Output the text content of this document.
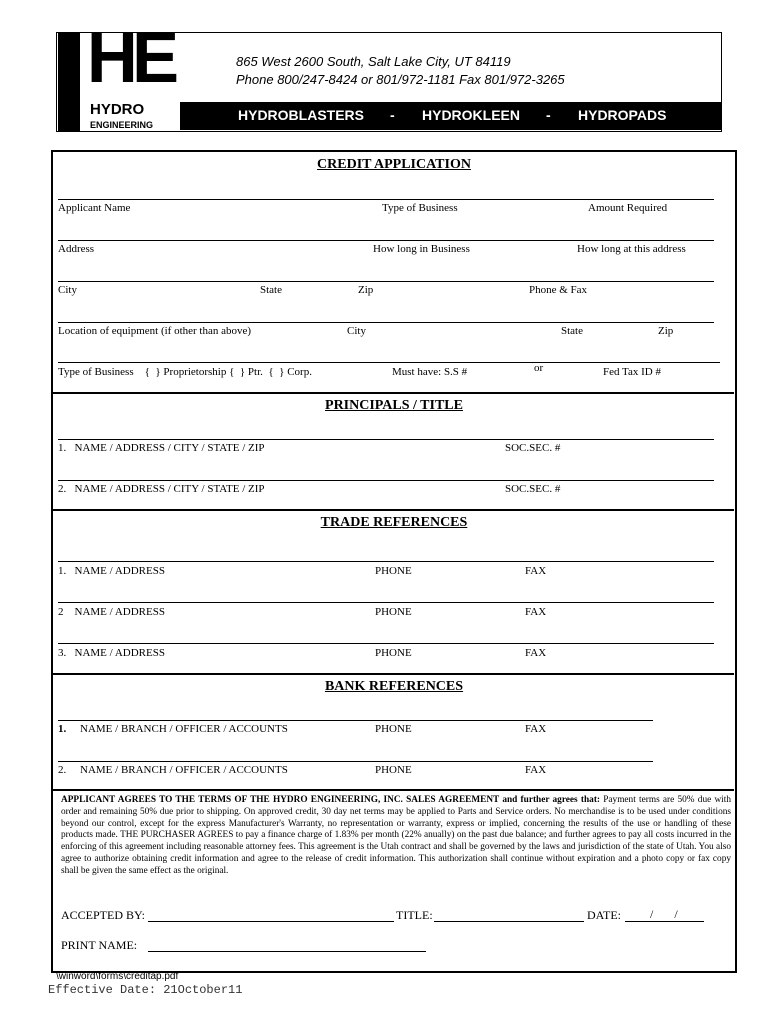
HE
HYDRO
ENGINEERING
865 West 2600 South, Salt Lake City, UT 84119
Phone 800/247-8424 or 801/972-1181 Fax 801/972-3265
HYDROBLASTERS - HYDROKLEEN - HYDROPADS
CREDIT APPLICATION
Applicant Name	Type of Business	Amount Required
Address	How long in Business	How long at this address
City	State	Zip	Phone & Fax
Location of equipment (if other than above)	City	State	Zip
Type of Business    {  } Proprietorship {  } Ptr.  {  } Corp.	Must have: S.S #	or	Fed Tax ID #
PRINCIPALS / TITLE
1.   NAME / ADDRESS / CITY / STATE / ZIP	SOC.SEC. #
2.   NAME / ADDRESS / CITY / STATE / ZIP	SOC.SEC. #
TRADE REFERENCES
1.   NAME / ADDRESS	PHONE	FAX
2    NAME / ADDRESS	PHONE	FAX
3.   NAME / ADDRESS	PHONE	FAX
BANK REFERENCES
1. NAME / BRANCH / OFFICER / ACCOUNTS	PHONE	FAX
2. NAME / BRANCH / OFFICER / ACCOUNTS	PHONE	FAX
APPLICANT AGREES TO THE TERMS OF THE HYDRO ENGINEERING, INC. SALES AGREEMENT and further agrees that: Payment terms are 50% due with order and remaining 50% due prior to shipping. On approved credit, 30 day net terms may be applied to Parts and Service orders. No merchandise is to be used under conditions beyond our control, except for the express Manufacturer's Warranty, no representation or warranty, express or implied, concerning the results of the use or handling of these products made. THE PURCHASER AGREES to pay a finance charge of 1.83% per month (22% anually) on the past due balance; and further agrees to pay all costs incurred in the enforcing of this agreement including reasonable attorney fees. This agreement is the Utah contract and shall be governed by the laws and jurisdiction of the state of Utah. You also agree to authorize obtaining credit information and agree to the release of credit information. This authorization shall continue without expiration and a photo copy or fax copy shall be given the same effect as the original.
ACCEPTED BY:	TITLE:	DATE: /       /
PRINT NAME:
\winword\forms\creditap.pdf
Effective Date: 21October11
